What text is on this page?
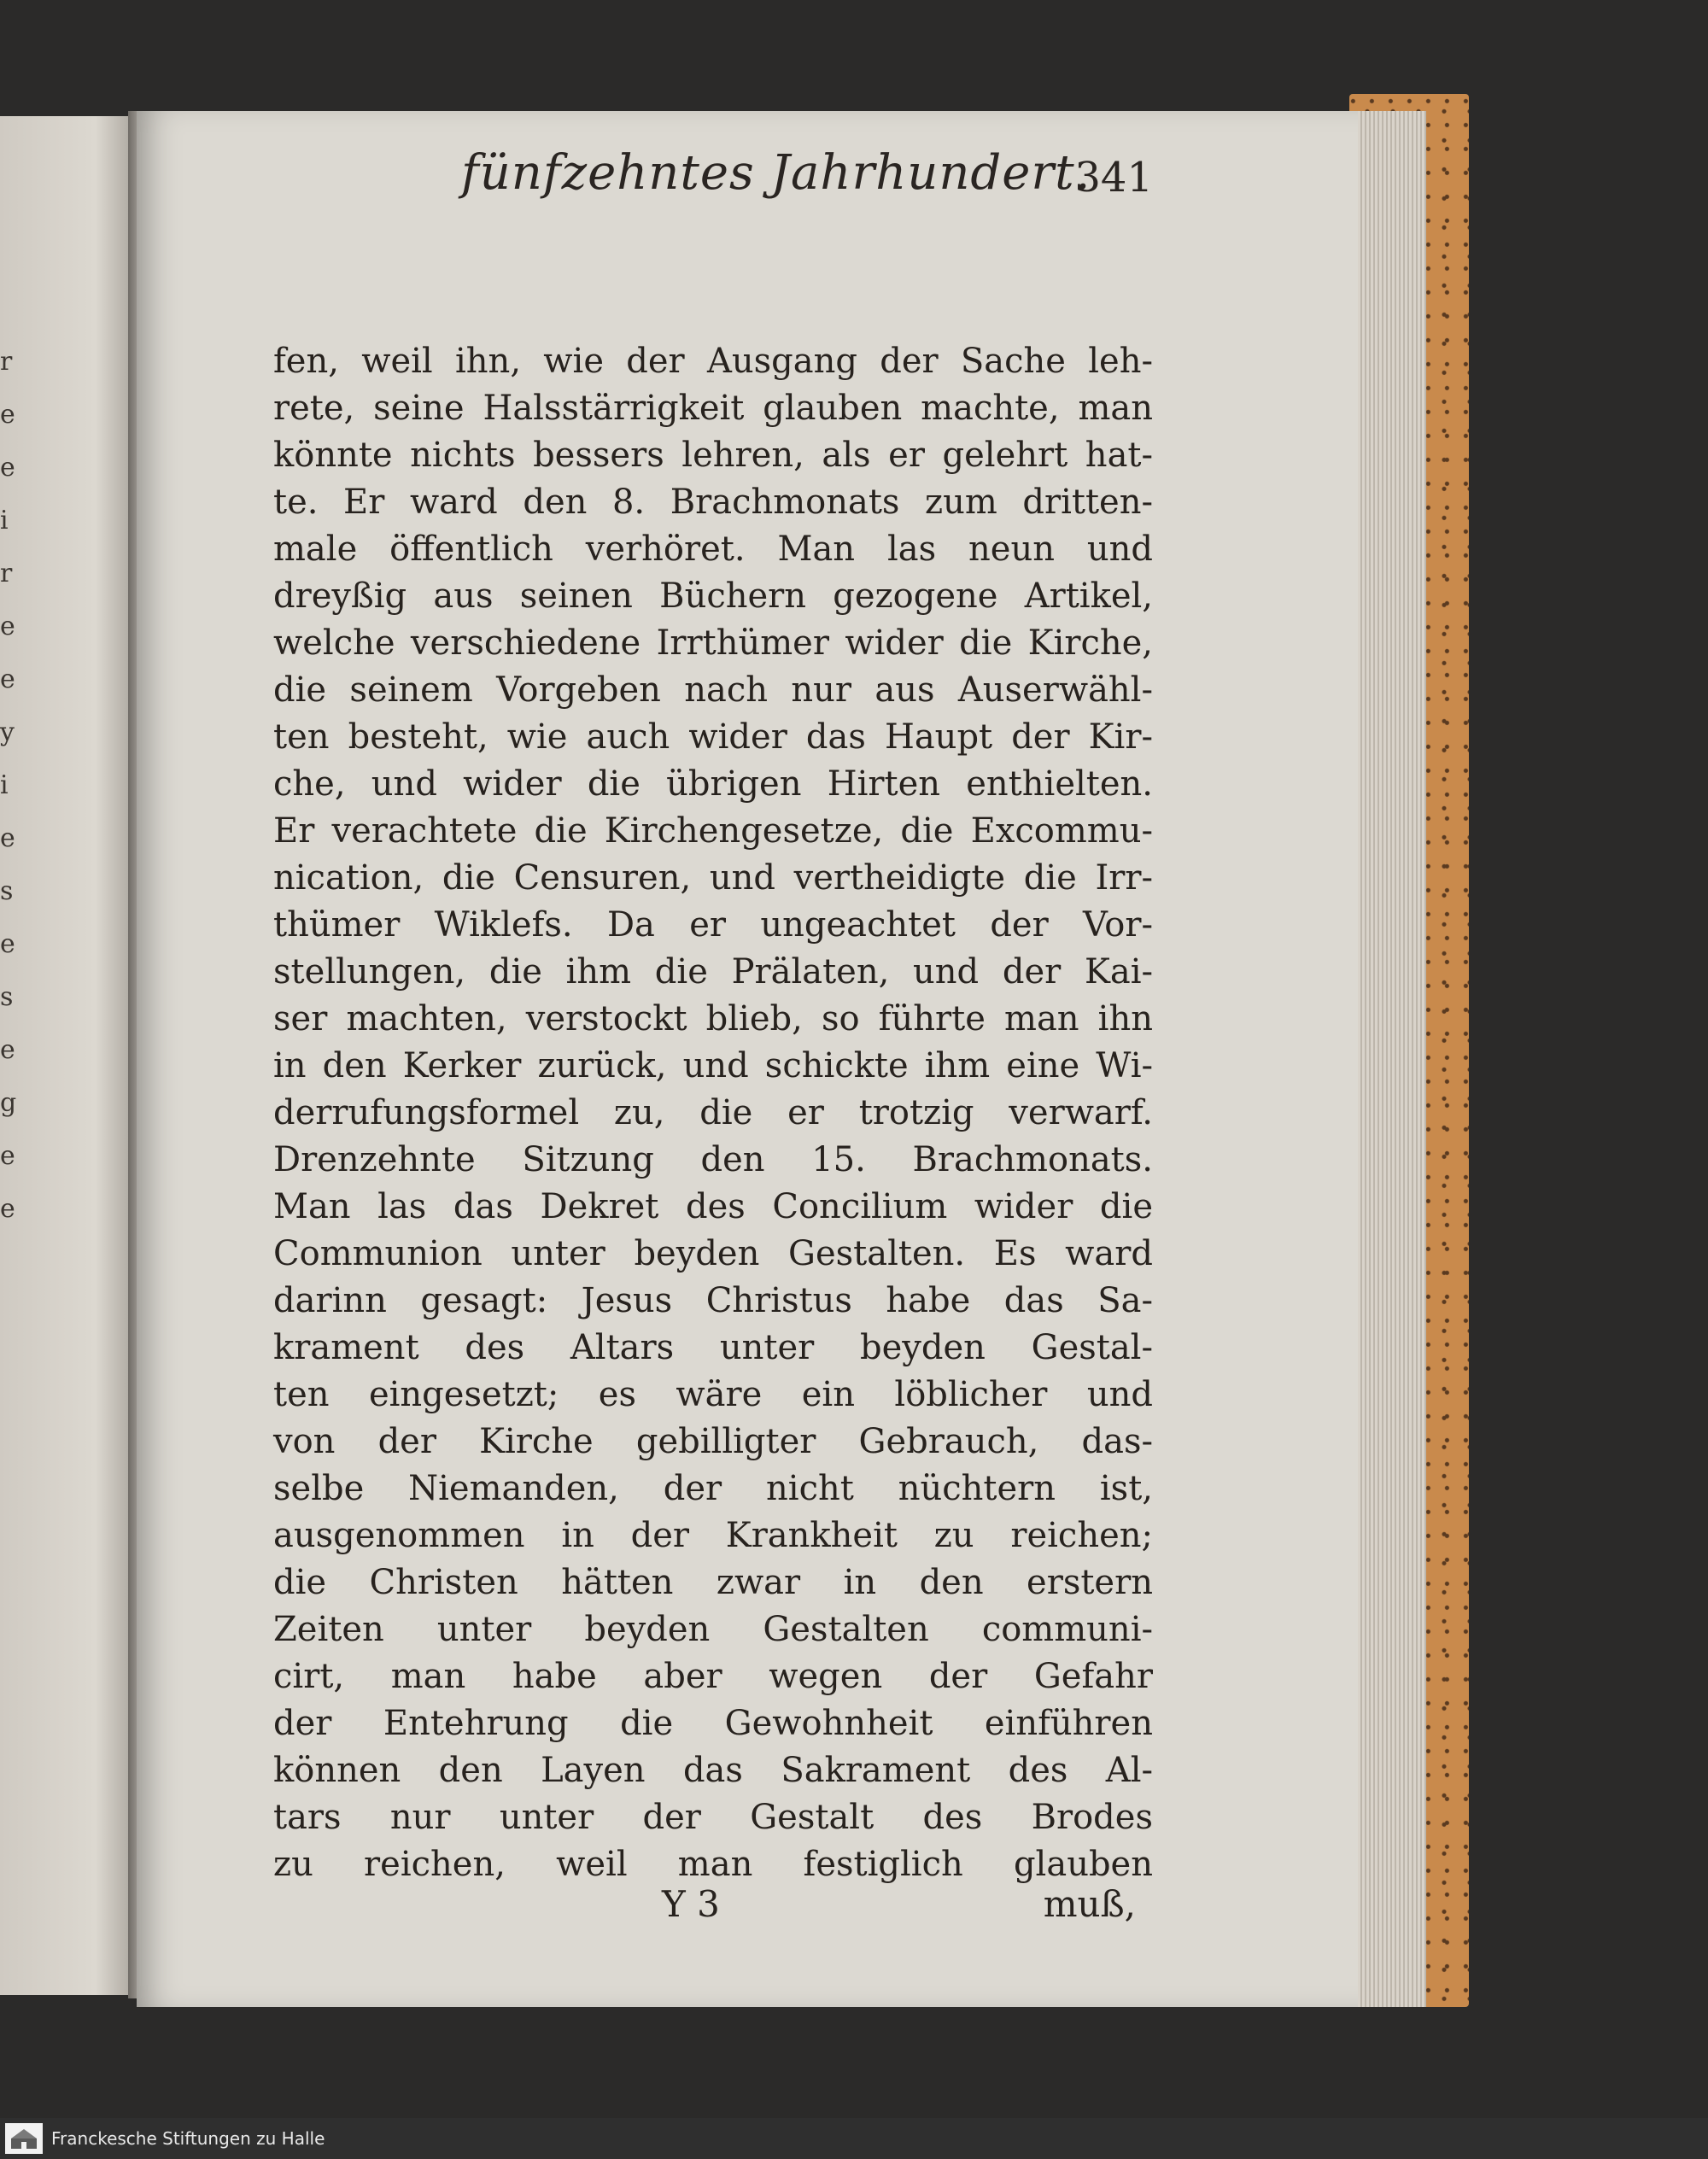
r
e
e
i
r
e
e
y
i
e
s
e
s
e
g
e
e
fünfzehntes Jahrhundert.
341
fen, weil ihn, wie der Ausgang der Sache leh-
rete, seine Halsstärrigkeit glauben machte, man
könnte nichts bessers lehren, als er gelehrt hat-
te. Er ward den 8. Brachmonats zum dritten-
male öffentlich verhöret. Man las neun und
dreyßig aus seinen Büchern gezogene Artikel,
welche verschiedene Irrthümer wider die Kirche,
die seinem Vorgeben nach nur aus Auserwähl-
ten besteht, wie auch wider das Haupt der Kir-
che, und wider die übrigen Hirten enthielten.
Er verachtete die Kirchengesetze, die Excommu-
nication, die Censuren, und vertheidigte die Irr-
thümer Wiklefs. Da er ungeachtet der Vor-
stellungen, die ihm die Prälaten, und der Kai-
ser machten, verstockt blieb, so führte man ihn
in den Kerker zurück, und schickte ihm eine Wi-
derrufungsformel zu, die er trotzig verwarf.
Drenzehnte Sitzung den 15. Brachmonats.
Man las das Dekret des Concilium wider die
Communion unter beyden Gestalten. Es ward
darinn gesagt: Jesus Christus habe das Sa-
krament des Altars unter beyden Gestal-
ten eingesetzt; es wäre ein löblicher und
von der Kirche gebilligter Gebrauch, das-
selbe Niemanden, der nicht nüchtern ist,
ausgenommen in der Krankheit zu reichen;
die Christen hätten zwar in den erstern
Zeiten unter beyden Gestalten communi-
cirt, man habe aber wegen der Gefahr
der Entehrung die Gewohnheit einführen
können den Layen das Sakrament des Al-
tars nur unter der Gestalt des Brodes
zu reichen, weil man festiglich glauben
Y 3	muß,
Franckesche Stiftungen zu Halle
